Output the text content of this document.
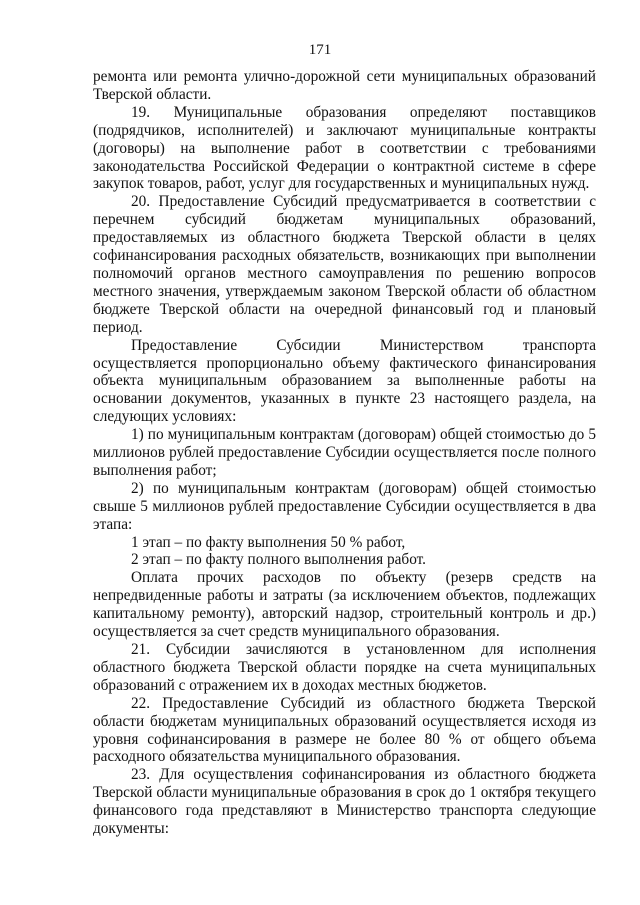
171

ремонта или ремонта улично-дорожной сети муниципальных образований Тверской области.

19. Муниципальные образования определяют поставщиков (подрядчиков, исполнителей) и заключают муниципальные контракты (договоры) на выполнение работ в соответствии с требованиями законодательства Российской Федерации о контрактной системе в сфере закупок товаров, работ, услуг для государственных и муниципальных нужд.

20. Предоставление Субсидий предусматривается в соответствии с перечнем субсидий бюджетам муниципальных образований, предоставляемых из областного бюджета Тверской области в целях софинансирования расходных обязательств, возникающих при выполнении полномочий органов местного самоуправления по решению вопросов местного значения, утверждаемым законом Тверской области об областном бюджете Тверской области на очередной финансовый год и плановый период.

Предоставление Субсидии Министерством транспорта осуществляется пропорционально объему фактического финансирования объекта муниципальным образованием за выполненные работы на основании документов, указанных в пункте 23 настоящего раздела, на следующих условиях:

1) по муниципальным контрактам (договорам) общей стоимостью до 5 миллионов рублей предоставление Субсидии осуществляется после полного выполнения работ;

2) по муниципальным контрактам (договорам) общей стоимостью свыше 5 миллионов рублей предоставление Субсидии осуществляется в два этапа:

1 этап – по факту выполнения 50 % работ,

2 этап – по факту полного выполнения работ.

Оплата прочих расходов по объекту (резерв средств на непредвиденные работы и затраты (за исключением объектов, подлежащих капитальному ремонту), авторский надзор, строительный контроль и др.) осуществляется за счет средств муниципального образования.

21. Субсидии зачисляются в установленном для исполнения областного бюджета Тверской области порядке на счета муниципальных образований с отражением их в доходах местных бюджетов.

22. Предоставление Субсидий из областного бюджета Тверской области бюджетам муниципальных образований осуществляется исходя из уровня софинансирования в размере не более 80 % от общего объема расходного обязательства муниципального образования.

23. Для осуществления софинансирования из областного бюджета Тверской области муниципальные образования в срок до 1 октября текущего финансового года представляют в Министерство транспорта следующие документы:
